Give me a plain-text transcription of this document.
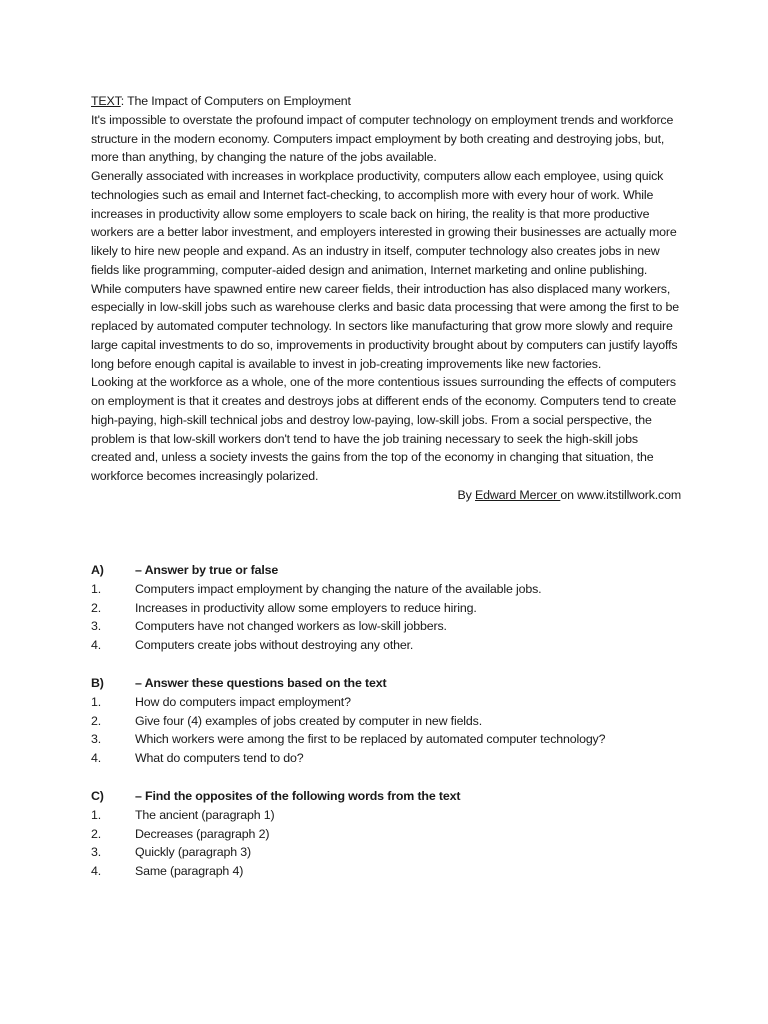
TEXT: The Impact of Computers on Employment

It's impossible to overstate the profound impact of computer technology on employment trends and workforce structure in the modern economy. Computers impact employment by both creating and destroying jobs, but, more than anything, by changing the nature of the jobs available.

Generally associated with increases in workplace productivity, computers allow each employee, using quick technologies such as email and Internet fact-checking, to accomplish more with every hour of work. While increases in productivity allow some employers to scale back on hiring, the reality is that more productive workers are a better labor investment, and employers interested in growing their businesses are actually more likely to hire new people and expand. As an industry in itself, computer technology also creates jobs in new fields like programming, computer-aided design and animation, Internet marketing and online publishing.

While computers have spawned entire new career fields, their introduction has also displaced many workers, especially in low-skill jobs such as warehouse clerks and basic data processing that were among the first to be replaced by automated computer technology. In sectors like manufacturing that grow more slowly and require large capital investments to do so, improvements in productivity brought about by computers can justify layoffs long before enough capital is available to invest in job-creating improvements like new factories.

Looking at the workforce as a whole, one of the more contentious issues surrounding the effects of computers on employment is that it creates and destroys jobs at different ends of the economy. Computers tend to create high-paying, high-skill technical jobs and destroy low-paying, low-skill jobs. From a social perspective, the problem is that low-skill workers don't tend to have the job training necessary to seek the high-skill jobs created and, unless a society invests the gains from the top of the economy in changing that situation, the workforce becomes increasingly polarized.

By Edward Mercer on www.itstillwork.com

A)	– Answer by true or false
1.	Computers impact employment by changing the nature of the available jobs.
2.	Increases in productivity allow some employers to reduce hiring.
3.	Computers have not changed workers as low-skill jobbers.
4.	Computers create jobs without destroying any other.
B)	– Answer these questions based on the text
1.	How do computers impact employment?
2.	Give four (4) examples of jobs created by computer in new fields.
3.	Which workers were among the first to be replaced by automated computer technology?
4.	What do computers tend to do?
C)	– Find the opposites of the following words from the text
1.	The ancient (paragraph 1)
2.	Decreases (paragraph 2)
3.	Quickly (paragraph 3)
4.	Same (paragraph 4)
